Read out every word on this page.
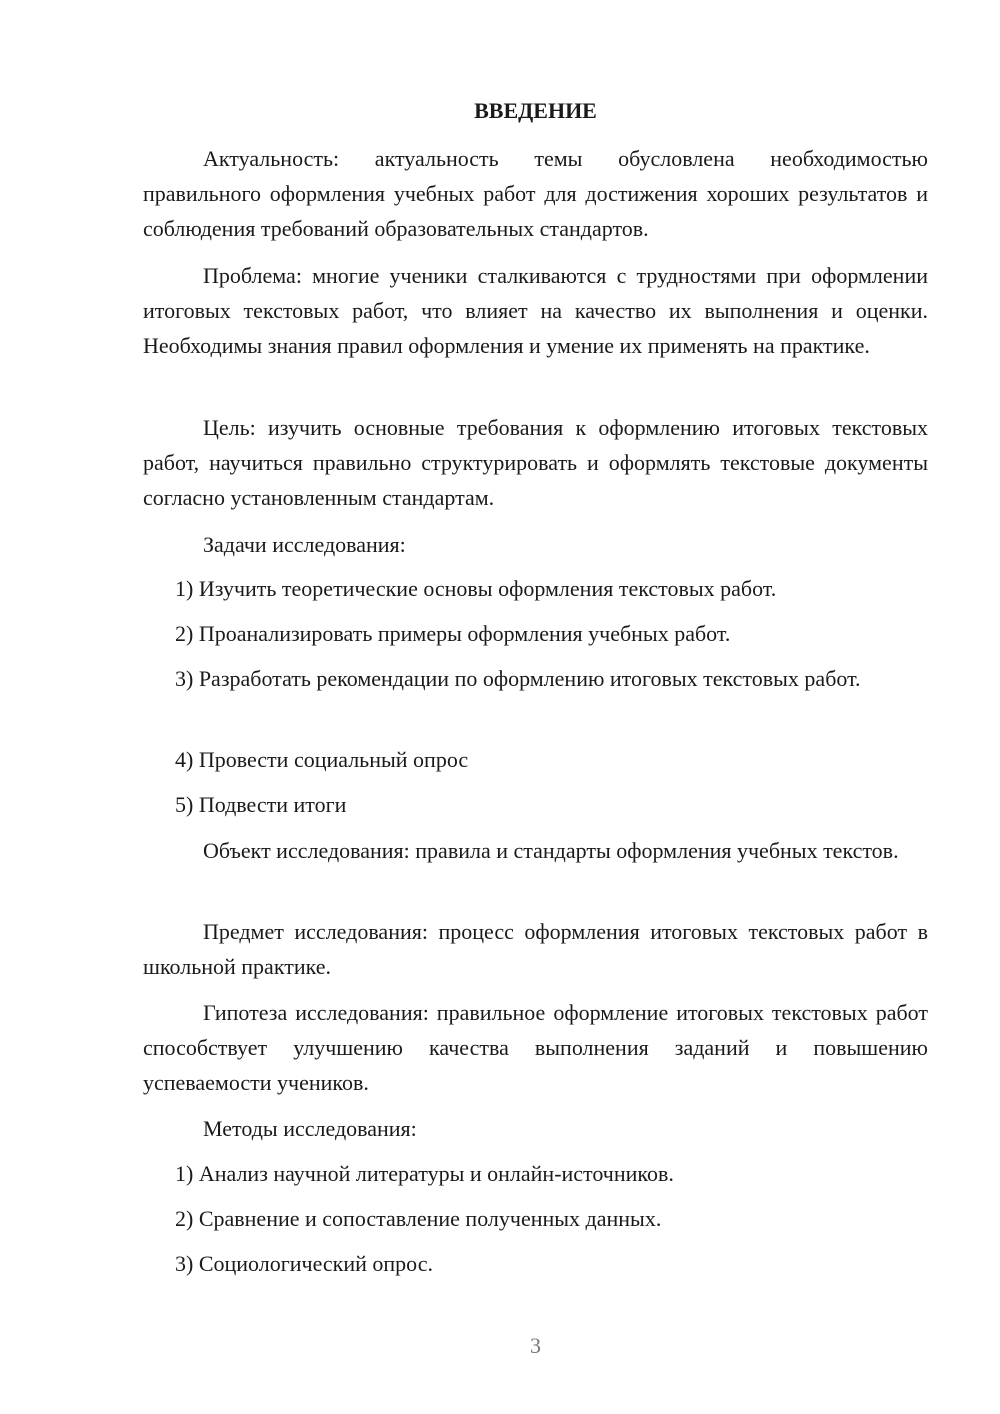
ВВЕДЕНИЕ

Актуальность: актуальность темы обусловлена необходимостью правильного оформления учебных работ для достижения хороших результатов и соблюдения требований образовательных стандартов.

Проблема: многие ученики сталкиваются с трудностями при оформлении итоговых текстовых работ, что влияет на качество их выполнения и оценки. Необходимы знания правил оформления и умение их применять на практике.

Цель: изучить основные требования к оформлению итоговых текстовых работ, научиться правильно структурировать и оформлять текстовые документы согласно установленным стандартам.

Задачи исследования:

1) Изучить теоретические основы оформления текстовых работ.

2) Проанализировать примеры оформления учебных работ.

3) Разработать рекомендации по оформлению итоговых текстовых работ.

4) Провести социальный опрос

5) Подвести итоги

Объект исследования: правила и стандарты оформления учебных текстов.

Предмет исследования: процесс оформления итоговых текстовых работ в школьной практике.

Гипотеза исследования: правильное оформление итоговых текстовых работ способствует улучшению качества выполнения заданий и повышению успеваемости учеников.

Методы исследования:

1) Анализ научной литературы и онлайн-источников.

2) Сравнение и сопоставление полученных данных.

3) Социологический опрос.

3
